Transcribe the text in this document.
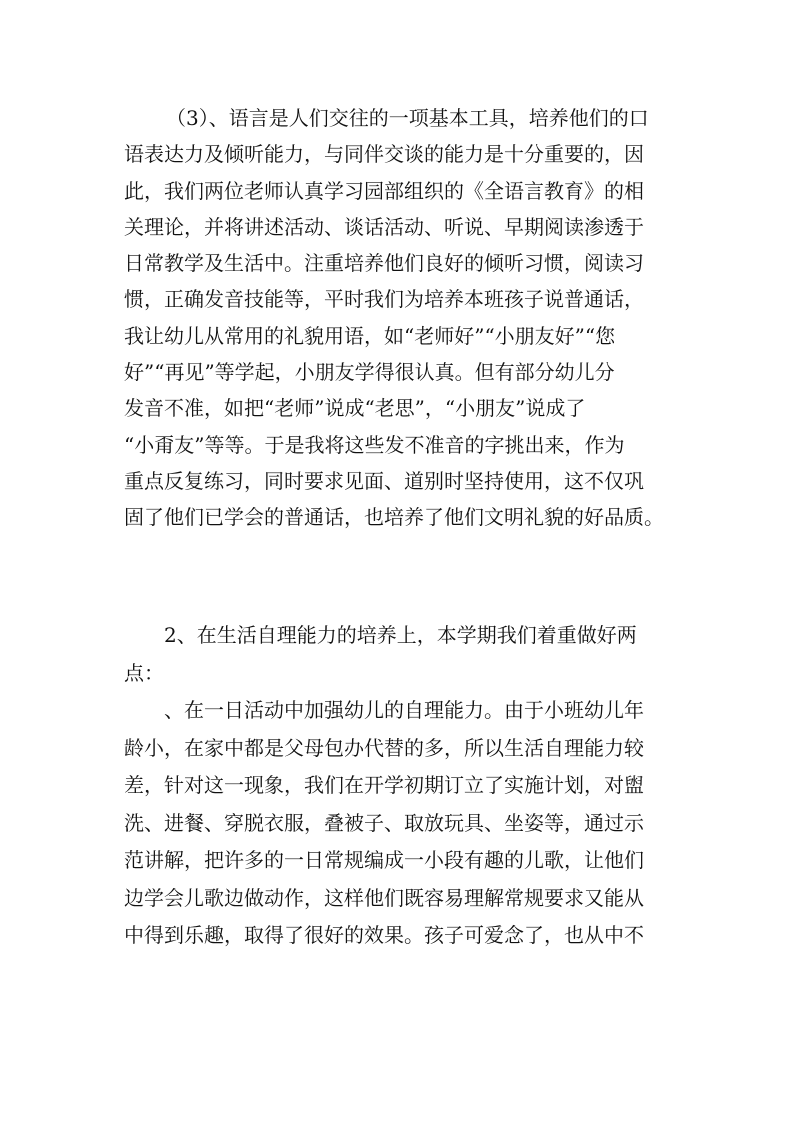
（3）、语言是人们交往的一项基本工具，培养他们的口
语表达力及倾听能力，与同伴交谈的能力是十分重要的，因
此，我们两位老师认真学习园部组织的《全语言教育》的相
关理论，并将讲述活动、谈话活动、听说、早期阅读渗透于
日常教学及生活中。注重培养他们良好的倾听习惯，阅读习
惯，正确发音技能等，平时我们为培养本班孩子说普通话，
我让幼儿从常用的礼貌用语，如“老师好”“小朋友好”“您
好”“再见”等学起，小朋友学得很认真。但有部分幼儿分
发音不准，如把“老师”说成“老思”，“小朋友”说成了
“小甭友”等等。于是我将这些发不准音的字挑出来，作为
重点反复练习，同时要求见面、道别时坚持使用，这不仅巩
固了他们已学会的普通话，也培养了他们文明礼貌的好品质。
2、在生活自理能力的培养上，本学期我们着重做好两
点：
、在一日活动中加强幼儿的自理能力。由于小班幼儿年
龄小，在家中都是父母包办代替的多，所以生活自理能力较
差，针对这一现象，我们在开学初期订立了实施计划，对盥
洗、进餐、穿脱衣服，叠被子、取放玩具、坐姿等，通过示
范讲解，把许多的一日常规编成一小段有趣的儿歌，让他们
边学会儿歌边做动作，这样他们既容易理解常规要求又能从
中得到乐趣，取得了很好的效果。孩子可爱念了，也从中不
